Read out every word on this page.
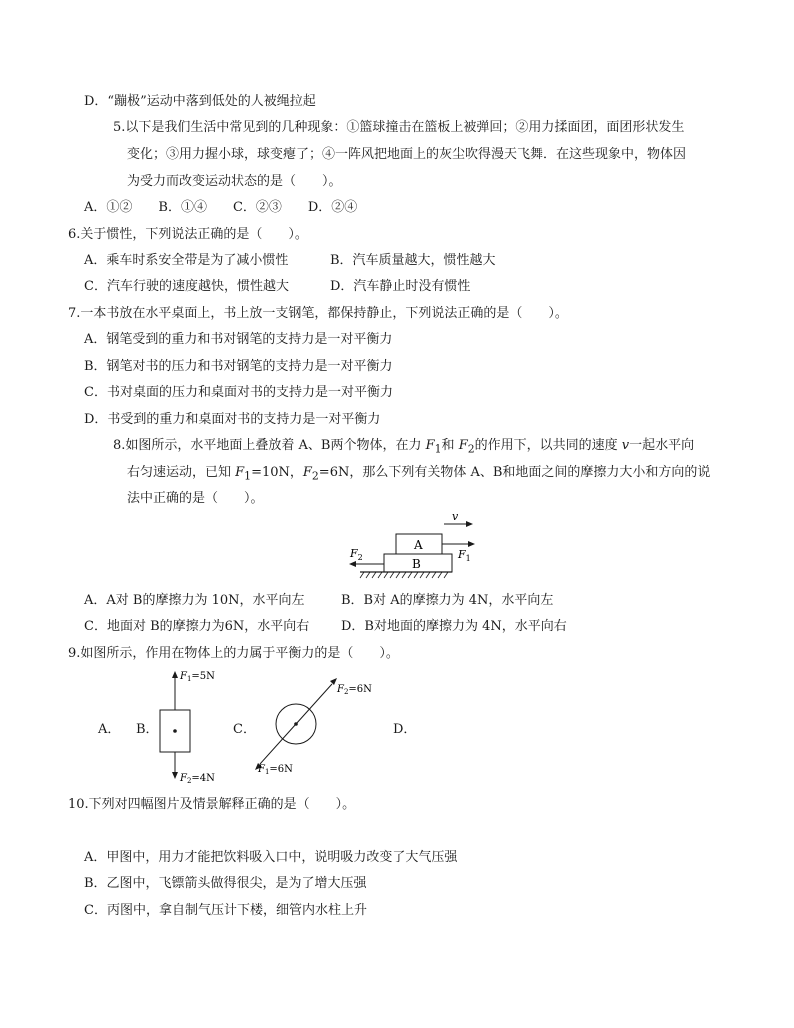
D．“蹦极”运动中落到低处的人被绳拉起
5.以下是我们生活中常见到的几种现象：①篮球撞击在篮板上被弹回；②用力揉面团，面团形状发生
变化；③用力握小球，球变瘪了；④一阵风把地面上的灰尘吹得漫天飞舞．在这些现象中，物体因
为受力而改变运动状态的是（　　）。
A．①②　　B．①④　　C．②③　　D．②④
6.关于惯性，下列说法正确的是（　　）。
A．乘车时系安全带是为了减小惯性	B．汽车质量越大，惯性越大
C．汽车行驶的速度越快，惯性越大	D．汽车静止时没有惯性
7.一本书放在水平桌面上，书上放一支钢笔，都保持静止，下列说法正确的是（　　）。
A．钢笔受到的重力和书对钢笔的支持力是一对平衡力
B．钢笔对书的压力和书对钢笔的支持力是一对平衡力
C．书对桌面的压力和桌面对书的支持力是一对平衡力
D．书受到的重力和桌面对书的支持力是一对平衡力
8.如图所示，水平地面上叠放着 A、B两个物体，在力 $F_1$和 $F_2$的作用下，以共同的速度 v一起水平向
右匀速运动，已知 $F_1=10N$，$F_2=6N$，那么下列有关物体 A、B和地面之间的摩擦力大小和方向的说
法中正确的是（　　）。
v
A
$F_1$
B
$F_2$
A．A对 B的摩擦力为 10N，水平向左	B．B对 A的摩擦力为 4N，水平向左
C．地面对 B的摩擦力为6N，水平向右 D．B对地面的摩擦力为 4N，水平向右
9.如图所示，作用在物体上的力属于平衡力的是（　　）。
A． B．	C．	D．
$F_1=5N$
$F_2=4N$
$F_2=6N$
$F_1=6N$
10.下列对四幅图片及情景解释正确的是（　　）。
A．甲图中，用力才能把饮料吸入口中，说明吸力改变了大气压强
B．乙图中，飞镖箭头做得很尖，是为了增大压强
C．丙图中，拿自制气压计下楼，细管内水柱上升
